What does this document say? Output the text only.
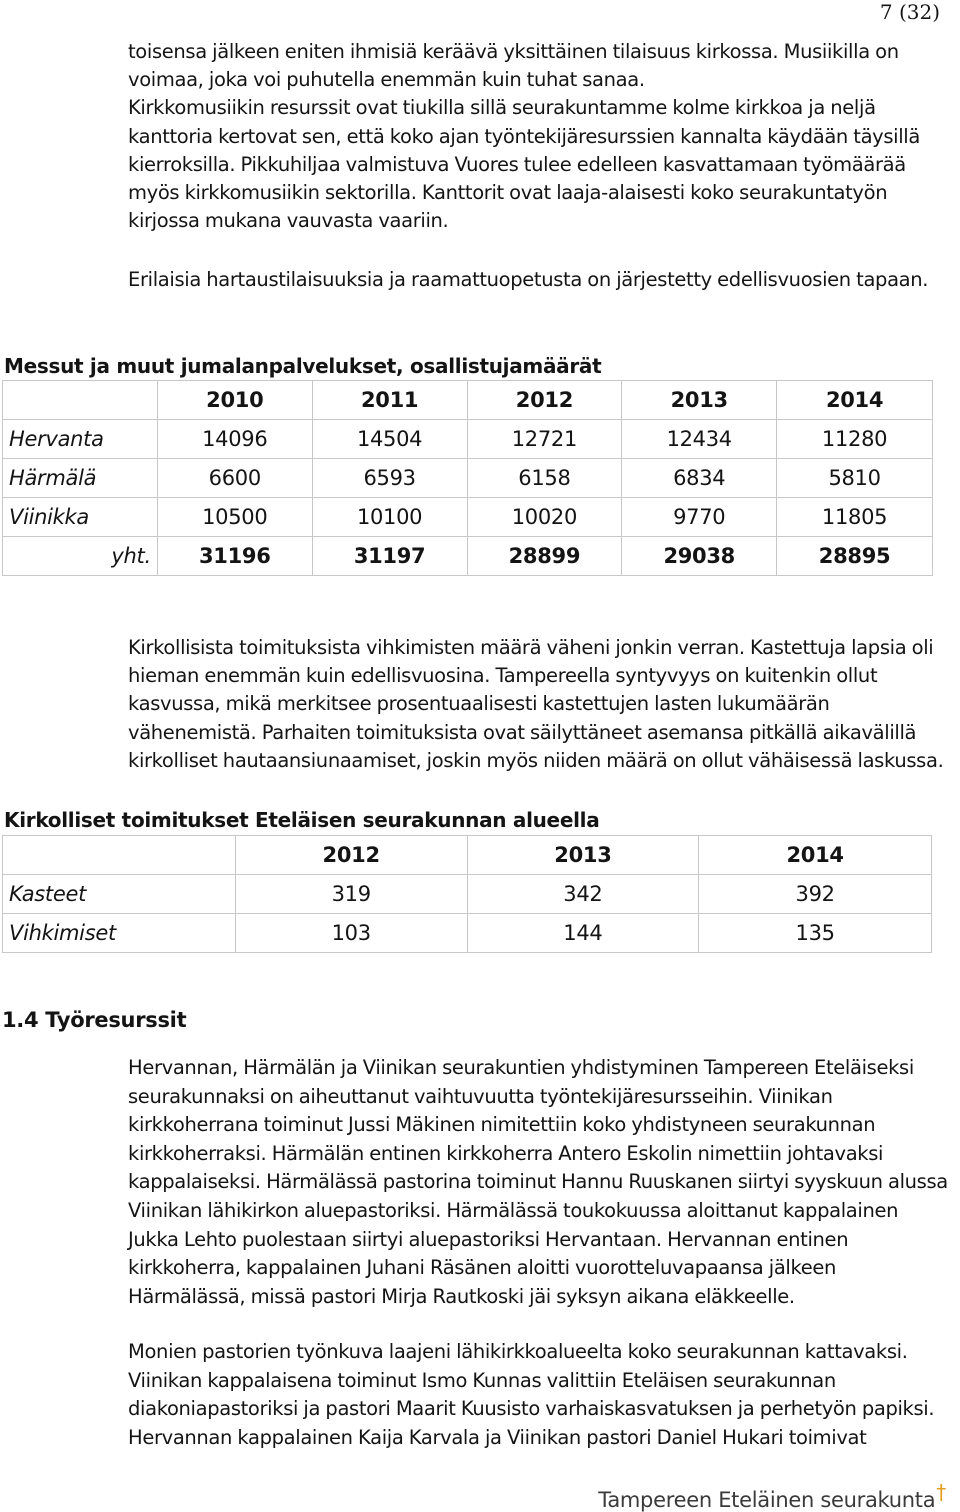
7 (32)
toisensa jälkeen eniten ihmisiä keräävä yksittäinen tilaisuus kirkossa. Musiikilla on
voimaa, joka voi puhutella enemmän kuin tuhat sanaa.
Kirkkomusiikin resurssit ovat tiukilla sillä seurakuntamme kolme kirkkoa ja neljä
kanttoria kertovat sen, että koko ajan työntekijäresurssien kannalta käydään täysillä
kierroksilla. Pikkuhiljaa valmistuva Vuores tulee edelleen kasvattamaan työmäärää
myös kirkkomusiikin sektorilla. Kanttorit ovat laaja-alaisesti koko seurakuntatyön
kirjossa mukana vauvasta vaariin.
Erilaisia hartaustilaisuuksia ja raamattuopetusta on järjestetty edellisvuosien tapaan.
Messut ja muut jumalanpalvelukset, osallistujamäärät
	2010	2011	2012	2013	2014
Hervanta	14096	14504	12721	12434	11280
Härmälä	6600	6593	6158	6834	5810
Viinikka	10500	10100	10020	9770	11805
yht.	31196	31197	28899	29038	28895
Kirkollisista toimituksista vihkimisten määrä väheni jonkin verran. Kastettuja lapsia oli
hieman enemmän kuin edellisvuosina. Tampereella syntyvyys on kuitenkin ollut
kasvussa, mikä merkitsee prosentuaalisesti kastettujen lasten lukumäärän
vähenemistä. Parhaiten toimituksista ovat säilyttäneet asemansa pitkällä aikavälillä
kirkolliset hautaansiunaamiset, joskin myös niiden määrä on ollut vähäisessä laskussa.
Kirkolliset toimitukset Eteläisen seurakunnan alueella
	2012	2013	2014
Kasteet	319	342	392
Vihkimiset	103	144	135
1.4 Työresurssit
Hervannan, Härmälän ja Viinikan seurakuntien yhdistyminen Tampereen Eteläiseksi
seurakunnaksi on aiheuttanut vaihtuvuutta työntekijäresursseihin. Viinikan
kirkkoherrana toiminut Jussi Mäkinen nimitettiin koko yhdistyneen seurakunnan
kirkkoherraksi. Härmälän entinen kirkkoherra Antero Eskolin nimettiin johtavaksi
kappalaiseksi. Härmälässä pastorina toiminut Hannu Ruuskanen siirtyi syyskuun alussa
Viinikan lähikirkon aluepastoriksi. Härmälässä toukokuussa aloittanut kappalainen
Jukka Lehto puolestaan siirtyi aluepastoriksi Hervantaan. Hervannan entinen
kirkkoherra, kappalainen Juhani Räsänen aloitti vuorotteluvapaansa jälkeen
Härmälässä, missä pastori Mirja Rautkoski jäi syksyn aikana eläkkeelle.
Monien pastorien työnkuva laajeni lähikirkkoalueelta koko seurakunnan kattavaksi.
Viinikan kappalaisena toiminut Ismo Kunnas valittiin Eteläisen seurakunnan
diakoniapastoriksi ja pastori Maarit Kuusisto varhaiskasvatuksen ja perhetyön papiksi.
Hervannan kappalainen Kaija Karvala ja Viinikan pastori Daniel Hukari toimivat
Tampereen Eteläinen seurakunta†
